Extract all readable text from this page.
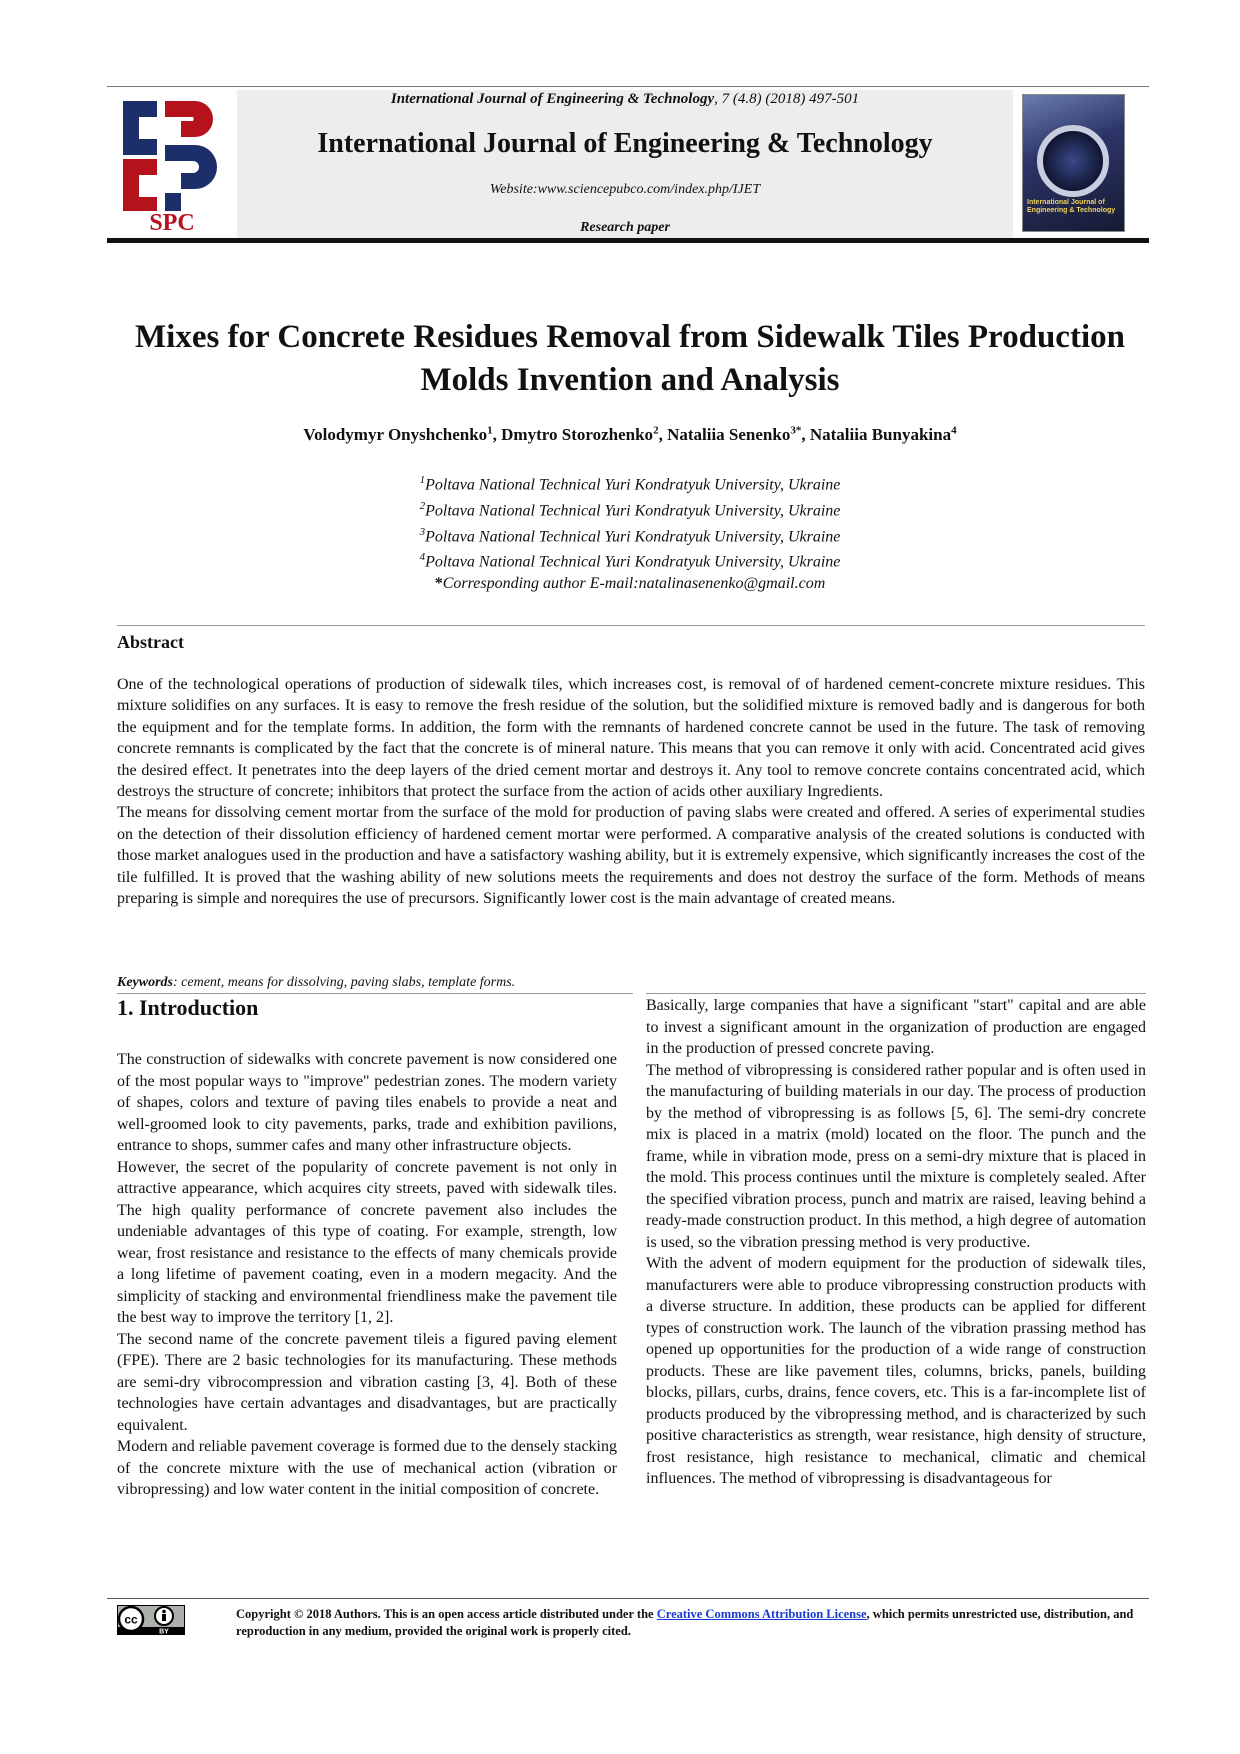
SPC
International Journal of Engineering & Technology, 7 (4.8) (2018) 497-501
International Journal of Engineering & Technology
Website:www.sciencepubco.com/index.php/IJET
Research paper
International Journal of Engineering & Technology
Mixes for Concrete Residues Removal from Sidewalk Tiles Production Molds Invention and Analysis
Volodymyr Onyshchenko$^1$, Dmytro Storozhenko$^2$, Nataliia Senenko$^{3*}$, Nataliia Bunyakina$^4$
$^1$Poltava National Technical Yuri Kondratyuk University, Ukraine
$^2$Poltava National Technical Yuri Kondratyuk University, Ukraine
$^3$Poltava National Technical Yuri Kondratyuk University, Ukraine
$^4$Poltava National Technical Yuri Kondratyuk University, Ukraine
*Corresponding author E-mail:natalinasenenko@gmail.com
Abstract

One of the technological operations of production of sidewalk tiles, which increases cost, is removal of of hardened cement-concrete mixture residues. This mixture solidifies on any surfaces. It is easy to remove the fresh residue of the solution, but the solidified mixture is removed badly and is dangerous for both the equipment and for the template forms. In addition, the form with the remnants of hardened concrete cannot be used in the future. The task of removing concrete remnants is complicated by the fact that the concrete is of mineral nature. This means that you can remove it only with acid. Concentrated acid gives the desired effect. It penetrates into the deep layers of the dried cement mortar and destroys it. Any tool to remove concrete contains concentrated acid, which destroys the structure of concrete; inhibitors that protect the surface from the action of acids other auxiliary Ingredients.

The means for dissolving cement mortar from the surface of the mold for production of paving slabs were created and offered. A series of experimental studies on the detection of their dissolution efficiency of hardened cement mortar were performed. A comparative analysis of the created solutions is conducted with those market analogues used in the production and have a satisfactory washing ability, but it is extremely expensive, which significantly increases the cost of the tile fulfilled. It is proved that the washing ability of new solutions meets the requirements and does not destroy the surface of the form. Methods of means preparing is simple and norequires the use of precursors. Significantly lower cost is the main advantage of created means.

Keywords: cement, means for dissolving, paving slabs, template forms.
1. Introduction

The construction of sidewalks with concrete pavement is now considered one of the most popular ways to "improve" pedestrian zones. The modern variety of shapes, colors and texture of paving tiles enabels to provide a neat and well-groomed look to city pavements, parks, trade and exhibition pavilions, entrance to shops, summer cafes and many other infrastructure objects.

However, the secret of the popularity of concrete pavement is not only in attractive appearance, which acquires city streets, paved with sidewalk tiles. The high quality performance of concrete pavement also includes the undeniable advantages of this type of coating. For example, strength, low wear, frost resistance and resistance to the effects of many chemicals provide a long lifetime of pavement coating, even in a modern megacity. And the simplicity of stacking and environmental friendliness make the pavement tile the best way to improve the territory [1, 2].

The second name of the concrete pavement tileis a figured paving element (FPE). There are 2 basic technologies for its manufacturing. These methods are semi-dry vibrocompression and vibration casting [3, 4]. Both of these technologies have certain advantages and disadvantages, but are practically equivalent.

Modern and reliable pavement coverage is formed due to the densely stacking of the concrete mixture with the use of mechanical action (vibration or vibropressing) and low water content in the initial composition of concrete.

Basically, large companies that have a significant "start" capital and are able to invest a significant amount in the organization of production are engaged in the production of pressed concrete paving.

The method of vibropressing is considered rather popular and is often used in the manufacturing of building materials in our day. The process of production by the method of vibropressing is as follows [5, 6]. The semi-dry concrete mix is placed in a matrix (mold) located on the floor. The punch and the frame, while in vibration mode, press on a semi-dry mixture that is placed in the mold. This process continues until the mixture is completely sealed. After the specified vibration process, punch and matrix are raised, leaving behind a ready-made construction product. In this method, a high degree of automation is used, so the vibration pressing method is very productive.

With the advent of modern equipment for the production of sidewalk tiles, manufacturers were able to produce vibropressing construction products with a diverse structure. In addition, these products can be applied for different types of construction work. The launch of the vibration prassing method has opened up opportunities for the production of a wide range of construction products. These are like pavement tiles, columns, bricks, panels, building blocks, pillars, curbs, drains, fence covers, etc. This is a far-incomplete list of products produced by the vibropressing method, and is characterized by such positive characteristics as strength, wear resistance, high density of structure, frost resistance, high resistance to mechanical, climatic and chemical influences. The method of vibropressing is disadvantageous for

cc
BY
Copyright © 2018 Authors. This is an open access article distributed under the Creative Commons Attribution License, which permits unrestricted use, distribution, and reproduction in any medium, provided the original work is properly cited.
